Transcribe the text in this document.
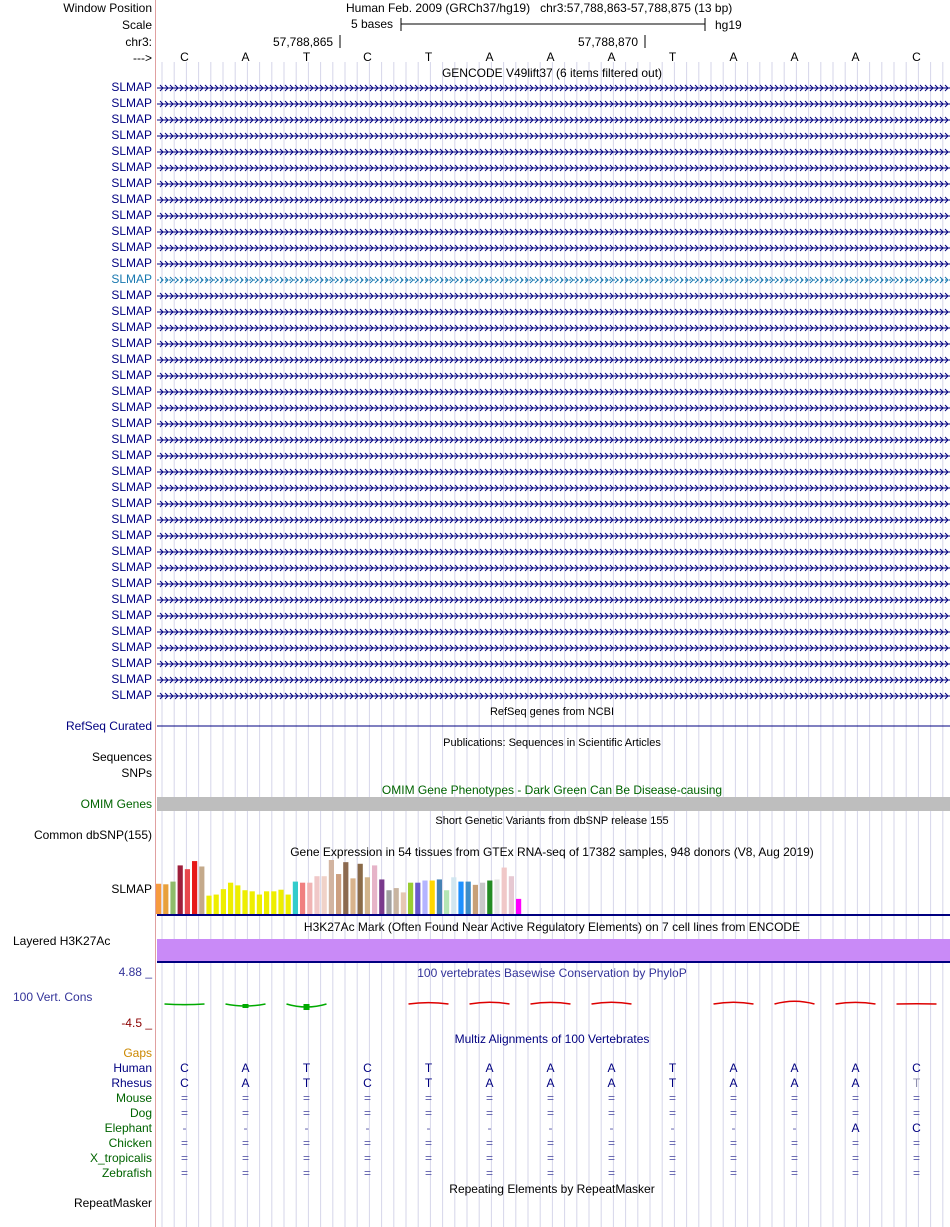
Window Position	Human Feb. 2009 (GRCh37/hg19)   chr3:57,788,863-57,788,875 (13 bp)
Scale	5 bases	hg19
chr3:	57,788,865	57,788,870
---> C	A	T	C	T	A	A	A	T	A	A	A	C
GENCODE V49lift37 (6 items filtered out)
SLMAP
SLMAP
SLMAP
SLMAP
SLMAP
SLMAP
SLMAP
SLMAP
SLMAP
SLMAP
SLMAP
SLMAP
SLMAP
SLMAP
SLMAP
SLMAP
SLMAP
SLMAP
SLMAP
SLMAP
SLMAP
SLMAP
SLMAP
SLMAP
SLMAP
SLMAP
SLMAP
SLMAP
SLMAP
SLMAP
SLMAP
SLMAP
SLMAP
SLMAP
SLMAP
SLMAP
SLMAP
SLMAP
SLMAP
RefSeq genes from NCBI
RefSeq Curated
Publications: Sequences in Scientific Articles
Sequences
SNPs
OMIM Gene Phenotypes - Dark Green Can Be Disease-causing
OMIM Genes
Short Genetic Variants from dbSNP release 155
Common dbSNP(155)
Gene Expression in 54 tissues from GTEx RNA-seq of 17382 samples, 948 donors (V8, Aug 2019)
SLMAP
H3K27Ac Mark (Often Found Near Active Regulatory Elements) on 7 cell lines from ENCODE
Layered H3K27Ac
100 vertebrates Basewise Conservation by PhyloP
4.88 _
100 Vert. Cons
-4.5 _
Multiz Alignments of 100 Vertebrates
Gaps
Human C	A	T	C	T	A	A	A	T	A	A	A	C
Rhesus C	A	T	C	T	A	A	A	T	A	A	A	T
Mouse =	=	=	=	=	=	=	=	=	=	=	=	=
Dog =	=	=	=	=	=	=	=	=	=	=	=	=
Elephant	-	-	-	-	-	-	-	-	-	-	-	A	C
Chicken =	=	=	=	=	=	=	=	=	=	=	=	=
X_tropicalis =	=	=	=	=	=	=	=	=	=	=	=	=
Zebrafish =	=	=	=	=	=	=	=	=	=	=	=	=
Repeating Elements by RepeatMasker
RepeatMasker
